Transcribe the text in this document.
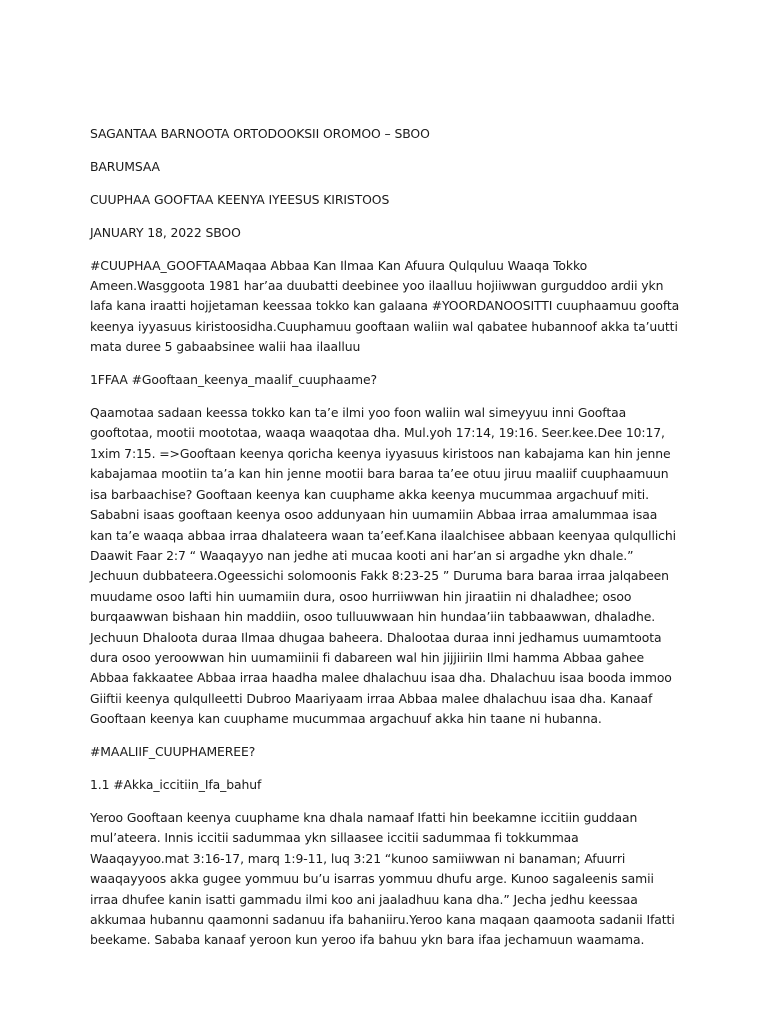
SAGANTAA BARNOOTA ORTODOOKSII OROMOO – SBOO

BARUMSAA

CUUPHAA GOOFTAA KEENYA IYEESUS KIRISTOOS

JANUARY 18, 2022 SBOO

#CUUPHAA_GOOFTAAMaqaa Abbaa Kan Ilmaa Kan Afuura Qulquluu Waaqa Tokko Ameen.Wasggoota 1981 har’aa duubatti deebinee yoo ilaalluu hojiiwwan gurguddoo ardii ykn lafa kana iraatti hojjetaman keessaa tokko kan galaana #YOORDANOOSITTI cuuphaamuu goofta keenya iyyasuus kiristoosidha.Cuuphamuu gooftaan waliin wal qabatee hubannoof akka ta’uutti mata duree 5 gabaabsinee walii haa ilaalluu

1FFAA #Gooftaan_keenya_maalif_cuuphaame?

Qaamotaa sadaan keessa tokko kan ta’e ilmi yoo foon waliin wal simeyyuu inni Gooftaa gooftotaa, mootii moototaa, waaqa waaqotaa dha. Mul.yoh 17:14, 19:16. Seer.kee.Dee 10:17, 1xim 7:15. =>Gooftaan keenya qoricha keenya iyyasuus kiristoos nan kabajama kan hin jenne kabajamaa mootiin ta’a kan hin jenne mootii bara baraa ta’ee otuu jiruu maaliif cuuphaamuun isa barbaachise? Gooftaan keenya kan cuuphame akka keenya mucummaa argachuuf miti. Sababni isaas gooftaan keenya osoo addunyaan hin uumamiin Abbaa irraa amalummaa isaa kan ta’e waaqa abbaa irraa dhalateera waan ta’eef.Kana ilaalchisee abbaan keenyaa qulqullichi Daawit Faar 2:7 “ Waaqayyo nan jedhe ati mucaa kooti ani har’an si argadhe ykn dhale.” Jechuun dubbateera.Ogeessichi solomoonis Fakk 8:23-25 ” Duruma bara baraa irraa jalqabeen muudame osoo lafti hin uumamiin dura, osoo hurriiwwan hin jiraatiin ni dhaladhee; osoo burqaawwan bishaan hin maddiin, osoo tulluuwwaan hin hundaa’iin tabbaawwan, dhaladhe. Jechuun Dhaloota duraa Ilmaa dhugaa baheera. Dhalootaa duraa inni jedhamus uumamtoota dura osoo yeroowwan hin uumamiinii fi dabareen wal hin jijjiiriin Ilmi hamma Abbaa gahee Abbaa fakkaatee Abbaa irraa haadha malee dhalachuu isaa dha. Dhalachuu isaa booda immoo Giiftii keenya qulqulleetti Dubroo Maariyaam irraa Abbaa malee dhalachuu isaa dha. Kanaaf Gooftaan keenya kan cuuphame mucummaa argachuuf akka hin taane ni hubanna.

#MAALIIF_CUUPHAMEREE?

1.1 #Akka_iccitiin_Ifa_bahuf

Yeroo Gooftaan keenya cuuphame kna dhala namaaf Ifatti hin beekamne iccitiin guddaan mul’ateera. Innis iccitii sadummaa ykn sillaasee iccitii sadummaa fi tokkummaa Waaqayyoo.mat 3:16-17, marq 1:9-11, luq 3:21 “kunoo samiiwwan ni banaman; Afuurri waaqayyoos akka gugee yommuu bu’u isarras yommuu dhufu arge. Kunoo sagaleenis samii irraa dhufee kanin isatti gammadu ilmi koo ani jaaladhuu kana dha.” Jecha jedhu keessaa akkumaa hubannu qaamonni sadanuu ifa bahaniiru.Yeroo kana maqaan qaamoota sadanii Ifatti beekame. Sababa kanaaf yeroon kun yeroo ifa bahuu ykn bara ifaa jechamuun waamama.
